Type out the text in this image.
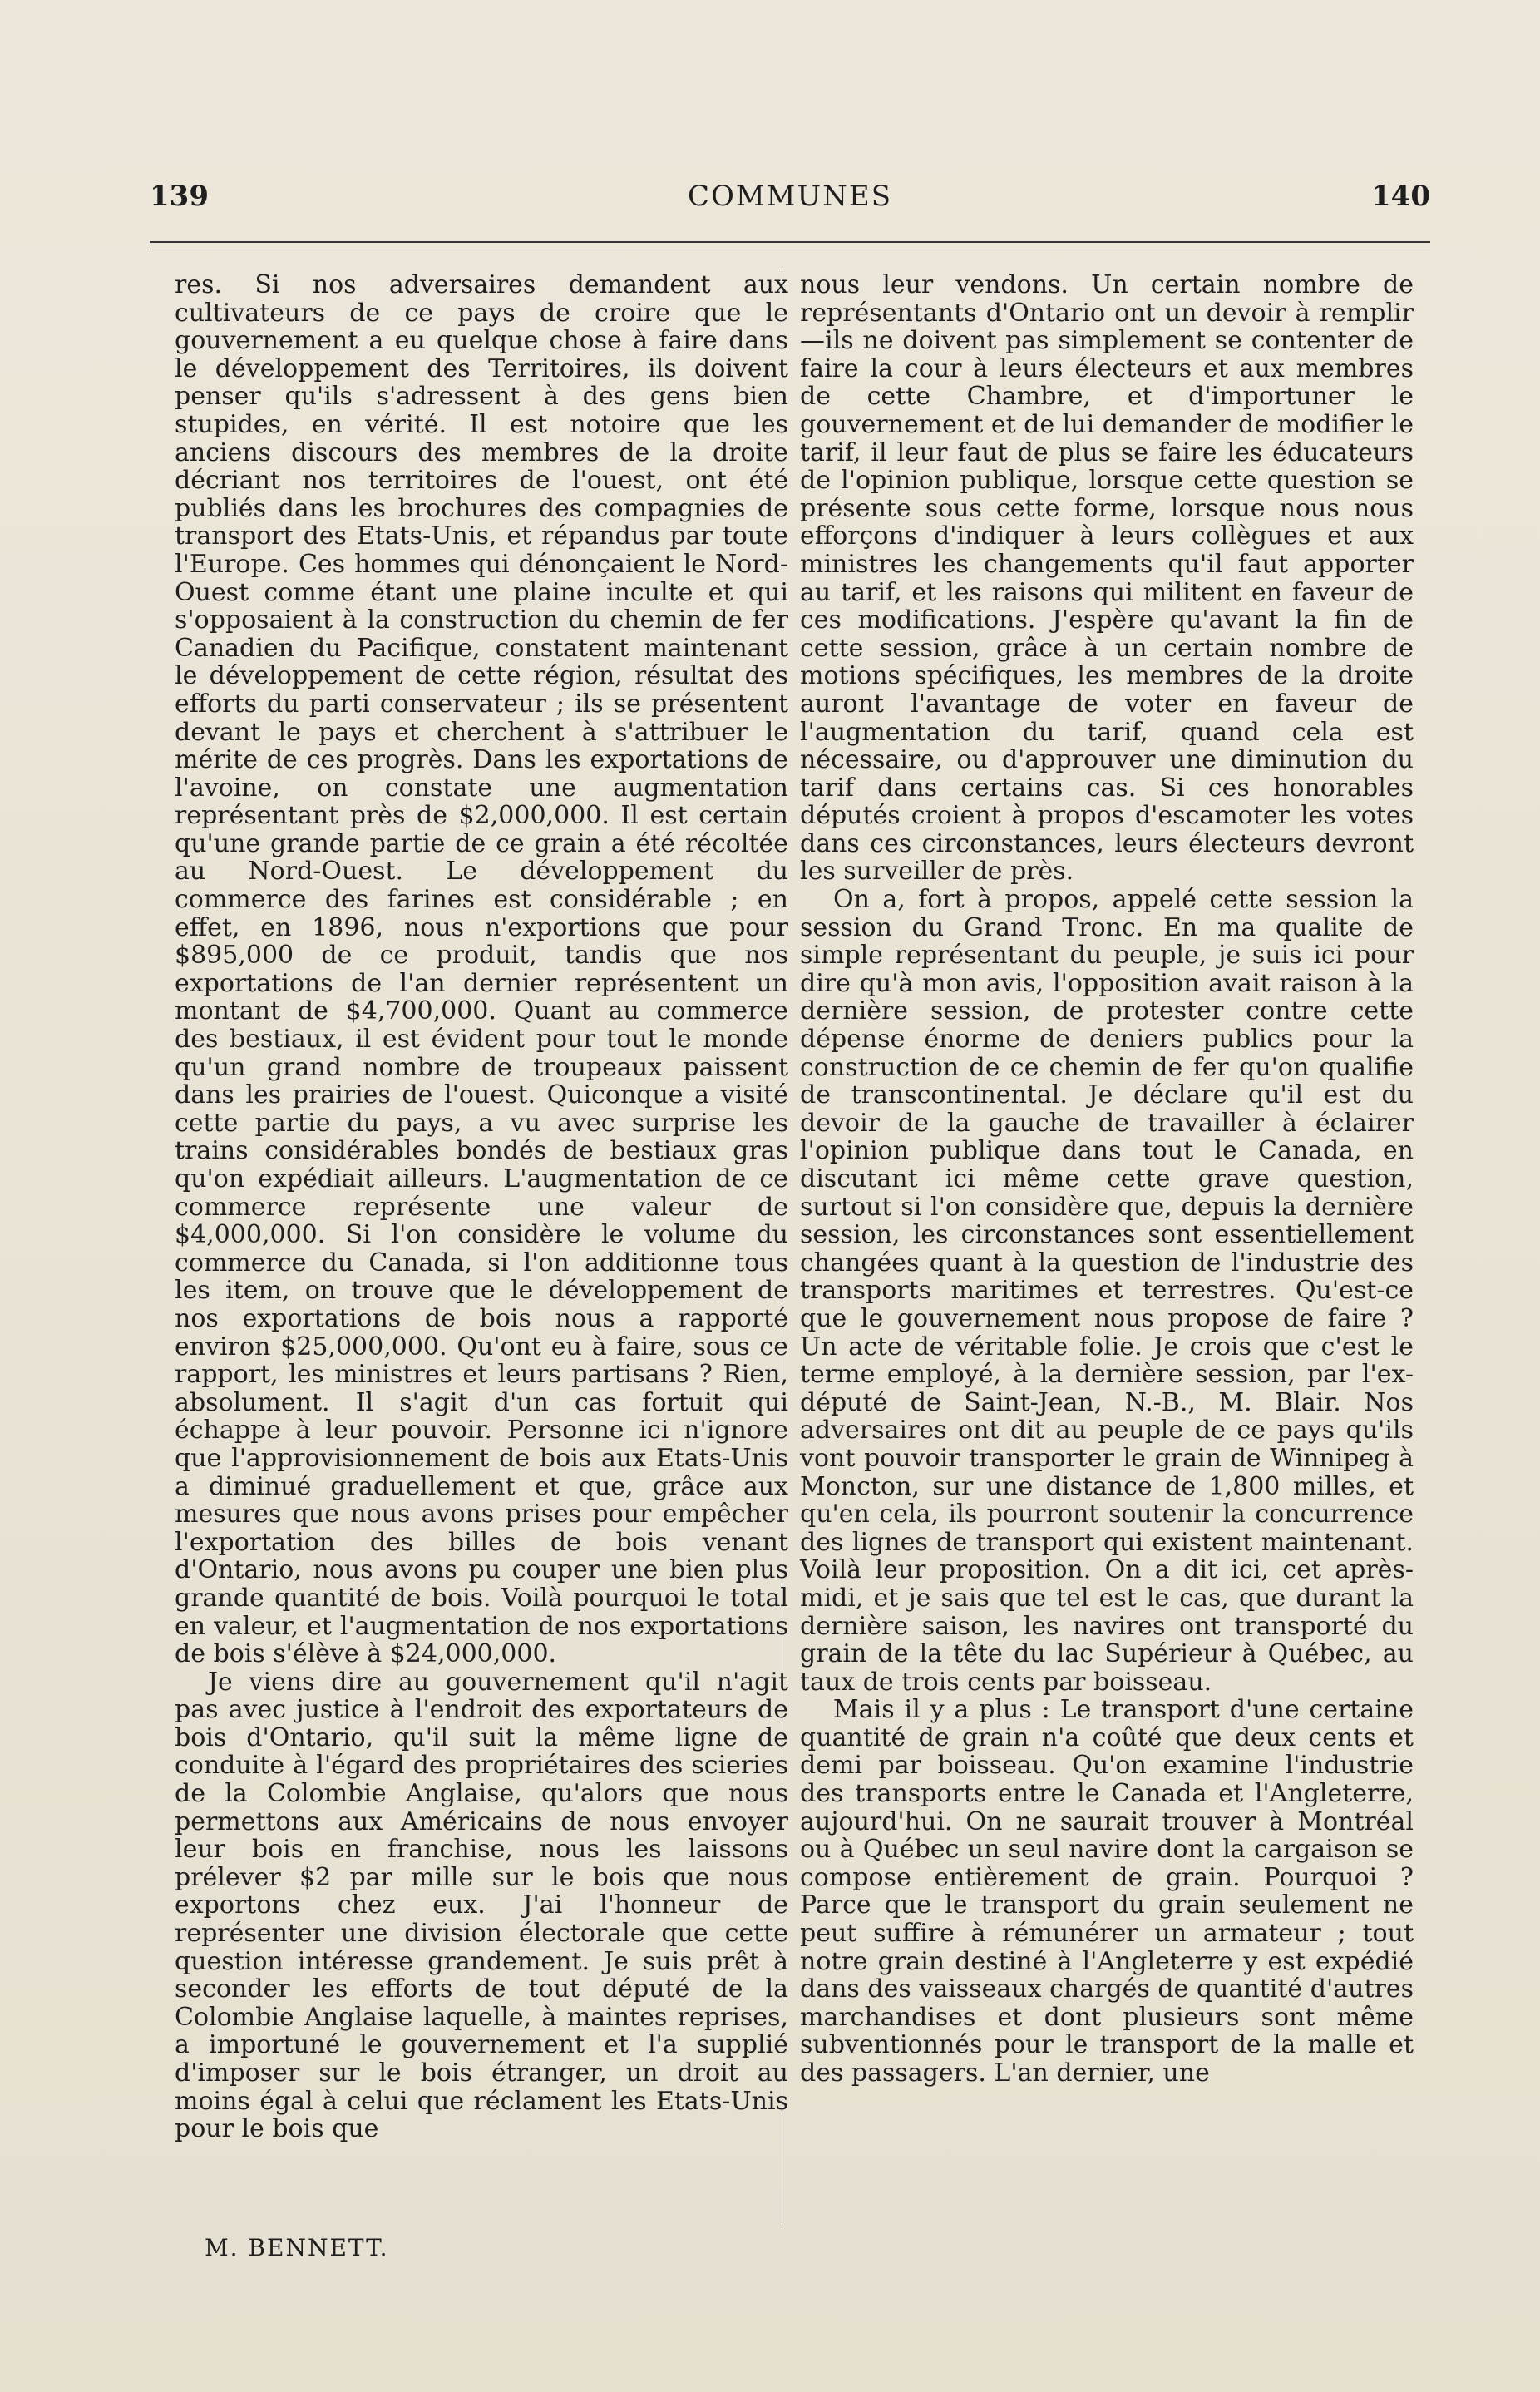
139	COMMUNES	140

res. Si nos adversaires demandent aux cultivateurs de ce pays de croire que le gouvernement a eu quelque chose à faire dans le développement des Territoires, ils doivent penser qu'ils s'adressent à des gens bien stupides, en vérité. Il est notoire que les anciens discours des membres de la droite décriant nos territoires de l'ouest, ont été publiés dans les brochures des compagnies de transport des Etats-Unis, et répandus par toute l'Europe. Ces hommes qui dénonçaient le Nord-Ouest comme étant une plaine inculte et qui s'opposaient à la construction du chemin de fer Canadien du Pacifique, constatent maintenant le développement de cette région, résultat des efforts du parti conservateur ; ils se présentent devant le pays et cherchent à s'attribuer le mérite de ces progrès. Dans les exportations de l'avoine, on constate une augmentation représentant près de $2,000,000. Il est certain qu'une grande partie de ce grain a été récoltée au Nord-Ouest. Le développement du commerce des farines est considérable ; en effet, en 1896, nous n'exportions que pour $895,000 de ce produit, tandis que nos exportations de l'an dernier représentent un montant de $4,700,000. Quant au commerce des bestiaux, il est évident pour tout le monde qu'un grand nombre de troupeaux paissent dans les prairies de l'ouest. Quiconque a visité cette partie du pays, a vu avec surprise les trains considérables bondés de bestiaux gras qu'on expédiait ailleurs. L'augmentation de ce commerce représente une valeur de $4,000,000. Si l'on considère le volume du commerce du Canada, si l'on additionne tous les item, on trouve que le développement de nos exportations de bois nous a rapporté environ $25,000,000. Qu'ont eu à faire, sous ce rapport, les ministres et leurs partisans ? Rien, absolument. Il s'agit d'un cas fortuit qui échappe à leur pouvoir. Personne ici n'ignore que l'approvisionnement de bois aux Etats-Unis a diminué graduellement et que, grâce aux mesures que nous avons prises pour empêcher l'exportation des billes de bois venant d'Ontario, nous avons pu couper une bien plus grande quantité de bois. Voilà pourquoi le total en valeur, et l'augmentation de nos exportations de bois s'élève à $24,000,000.

Je viens dire au gouvernement qu'il n'agit pas avec justice à l'endroit des exportateurs de bois d'Ontario, qu'il suit la même ligne de conduite à l'égard des propriétaires des scieries de la Colombie Anglaise, qu'alors que nous permettons aux Américains de nous envoyer leur bois en franchise, nous les laissons prélever $2 par mille sur le bois que nous exportons chez eux. J'ai l'honneur de représenter une division électorale que cette question intéresse grandement. Je suis prêt à seconder les efforts de tout député de la Colombie Anglaise laquelle, à maintes reprises, a importuné le gouvernement et l'a supplié d'imposer sur le bois étranger, un droit au moins égal à celui que réclament les Etats-Unis pour le bois que

nous leur vendons. Un certain nombre de représentants d'Ontario ont un devoir à remplir—ils ne doivent pas simplement se contenter de faire la cour à leurs électeurs et aux membres de cette Chambre, et d'importuner le gouvernement et de lui demander de modifier le tarif, il leur faut de plus se faire les éducateurs de l'opinion publique, lorsque cette question se présente sous cette forme, lorsque nous nous efforçons d'indiquer à leurs collègues et aux ministres les changements qu'il faut apporter au tarif, et les raisons qui militent en faveur de ces modifications. J'espère qu'avant la fin de cette session, grâce à un certain nombre de motions spécifiques, les membres de la droite auront l'avantage de voter en faveur de l'augmentation du tarif, quand cela est nécessaire, ou d'approuver une diminution du tarif dans certains cas. Si ces honorables députés croient à propos d'escamoter les votes dans ces circonstances, leurs électeurs devront les surveiller de près.

On a, fort à propos, appelé cette session la session du Grand Tronc. En ma qualite de simple représentant du peuple, je suis ici pour dire qu'à mon avis, l'opposition avait raison à la dernière session, de protester contre cette dépense énorme de deniers publics pour la construction de ce chemin de fer qu'on qualifie de transcontinental. Je déclare qu'il est du devoir de la gauche de travailler à éclairer l'opinion publique dans tout le Canada, en discutant ici même cette grave question, surtout si l'on considère que, depuis la dernière session, les circonstances sont essentiellement changées quant à la question de l'industrie des transports maritimes et terrestres. Qu'est-ce que le gouvernement nous propose de faire ? Un acte de véritable folie. Je crois que c'est le terme employé, à la dernière session, par l'ex-député de Saint-Jean, N.-B., M. Blair. Nos adversaires ont dit au peuple de ce pays qu'ils vont pouvoir transporter le grain de Winnipeg à Moncton, sur une distance de 1,800 milles, et qu'en cela, ils pourront soutenir la concurrence des lignes de transport qui existent maintenant. Voilà leur proposition. On a dit ici, cet après-midi, et je sais que tel est le cas, que durant la dernière saison, les navires ont transporté du grain de la tête du lac Supérieur à Québec, au taux de trois cents par boisseau.

Mais il y a plus : Le transport d'une certaine quantité de grain n'a coûté que deux cents et demi par boisseau. Qu'on examine l'industrie des transports entre le Canada et l'Angleterre, aujourd'hui. On ne saurait trouver à Montréal ou à Québec un seul navire dont la cargaison se compose entièrement de grain. Pourquoi ? Parce que le transport du grain seulement ne peut suffire à rémunérer un armateur ; tout notre grain destiné à l'Angleterre y est expédié dans des vaisseaux chargés de quantité d'autres marchandises et dont plusieurs sont même subventionnés pour le transport de la malle et des passagers. L'an dernier, une

M. BENNETT.
